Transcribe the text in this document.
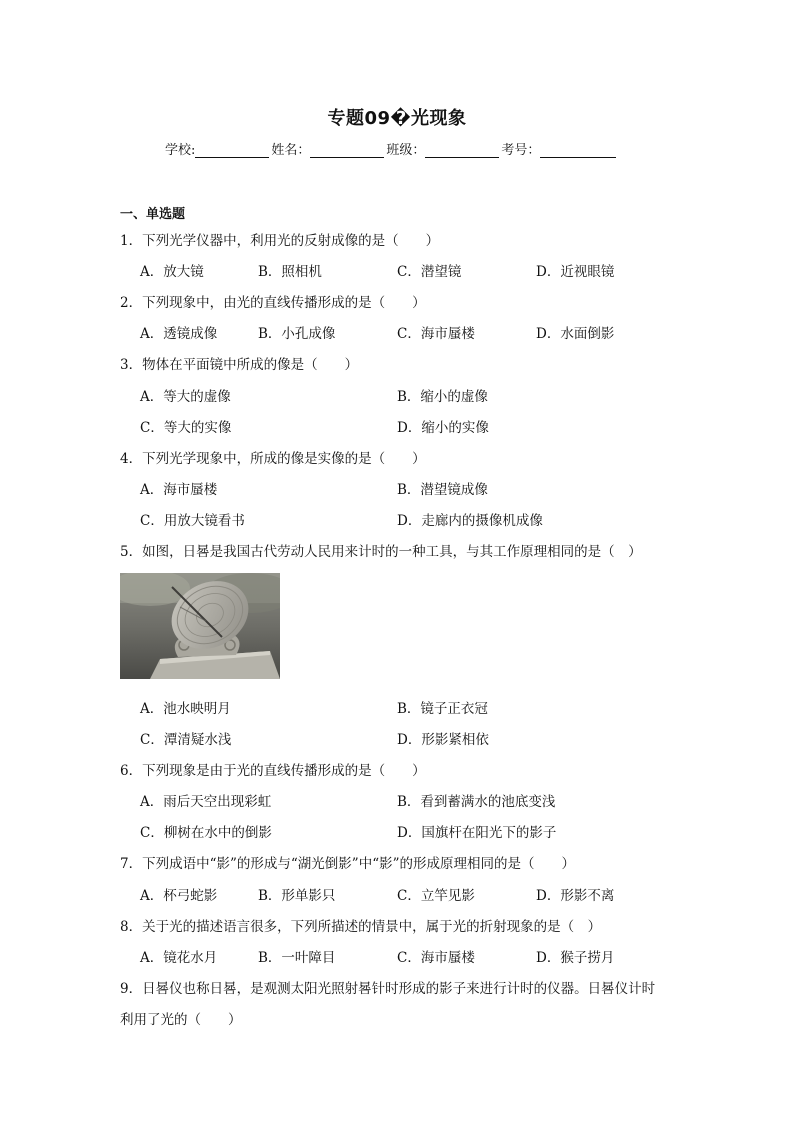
专题09�光现象
学校:	姓名：	班级：	考号：
一、单选题
1．下列光学仪器中，利用光的反射成像的是（　　）
A．放大镜	B．照相机	C．潜望镜	D．近视眼镜
2．下列现象中，由光的直线传播形成的是（　　）
A．透镜成像	B．小孔成像	C．海市蜃楼	D．水面倒影
3．物体在平面镜中所成的像是（　　）
A．等大的虚像	B．缩小的虚像
C．等大的实像	D．缩小的实像
4．下列光学现象中，所成的像是实像的是（　　）
A．海市蜃楼	B．潜望镜成像
C．用放大镜看书	D．走廊内的摄像机成像
5．如图，日晷是我国古代劳动人民用来计时的一种工具，与其工作原理相同的是（　）
A．池水映明月	B．镜子正衣冠
C．潭清疑水浅	D．形影紧相依
6．下列现象是由于光的直线传播形成的是（　　）
A．雨后天空出现彩虹	B．看到蓄满水的池底变浅
C．柳树在水中的倒影	D．国旗杆在阳光下的影子
7．下列成语中“影”的形成与“湖光倒影”中“影”的形成原理相同的是（　　）
A．杯弓蛇影	B．形单影只	C．立竿见影	D．形影不离
8．关于光的描述语言很多，下列所描述的情景中，属于光的折射现象的是（　）
A．镜花水月	B．一叶障目	C．海市蜃楼	D．猴子捞月
9．日晷仪也称日晷，是观测太阳光照射晷针时形成的影子来进行计时的仪器。日晷仪计时
利用了光的（　　）
